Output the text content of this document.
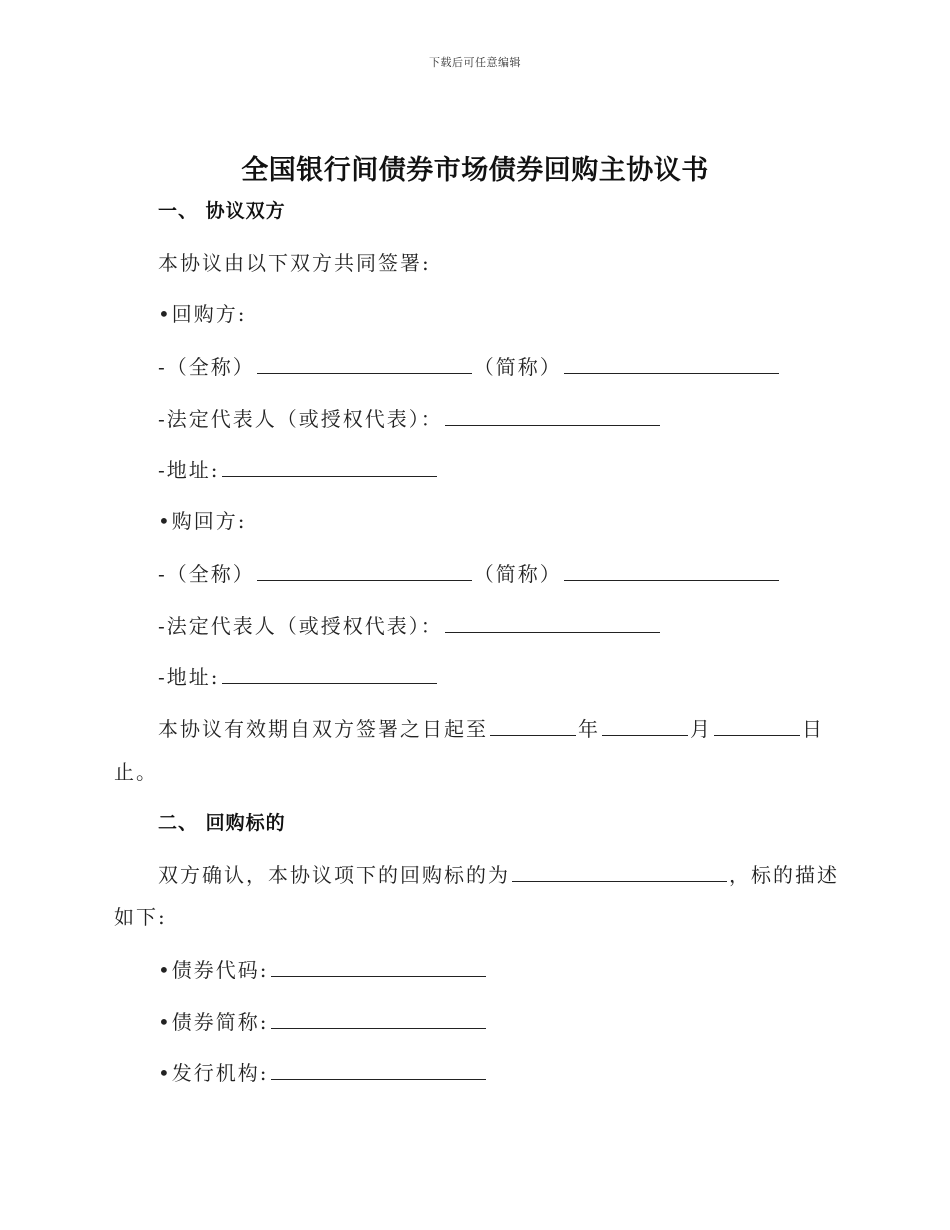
下载后可任意编辑
全国银行间债券市场债券回购主协议书
一、 协议双方
本协议由以下双方共同签署:
•回购方:
-（全称）	（简称）
-法定代表人（或授权代表）：
-地址:
•购回方:
-（全称）	（简称）
-法定代表人（或授权代表）：
-地址:
本协议有效期自双方签署之日起至	年	月	日
止。
二、 回购标的
双方确认，本协议项下的回购标的为	，标的描述
如下:
•债券代码:
•债券简称:
•发行机构:
